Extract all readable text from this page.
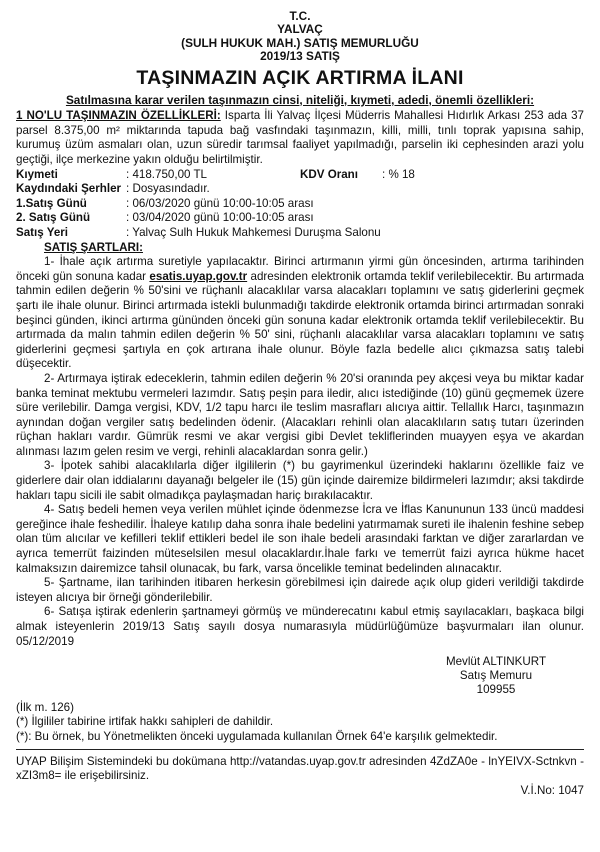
T.C.
YALVAÇ
(SULH HUKUK MAH.) SATIŞ MEMURLUĞU
2019/13 SATIŞ
TAŞINMAZIN AÇIK ARTIRMA İLANI
Satılmasına karar verilen taşınmazın cinsi, niteliği, kıymeti, adedi, önemli özellikleri:

1 NO'LU TAŞINMAZIN ÖZELLİKLERİ: Isparta İli Yalvaç İlçesi Müderris Mahallesi Hıdırlık Arkası 253 ada 37 parsel 8.375,00 m² miktarında tapuda bağ vasfındaki taşınmazın, killi, milli, tınlı toprak yapısına sahip, kurumuş üzüm asmaları olan, uzun süredir tarımsal faaliyet yapılmadığı, parselin iki cephesinden arazi yolu geçtiği, ilçe merkezine yakın olduğu belirtilmiştir.

Kıymeti	: 418.750,00 TL	KDV Oranı	: % 18
Kaydındaki Şerhler : Dosyasındadır.
1.Satış Günü	: 06/03/2020 günü 10:00-10:05 arası
2. Satış Günü	: 03/04/2020 günü 10:00-10:05 arası
Satış Yeri	: Yalvaç Sulh Hukuk Mahkemesi Duruşma Salonu
SATIŞ ŞARTLARI:

1- İhale açık artırma suretiyle yapılacaktır. Birinci artırmanın yirmi gün öncesinden, artırma tarihinden önceki gün sonuna kadar esatis.uyap.gov.tr adresinden elektronik ortamda teklif verilebilecektir. Bu artırmada tahmin edilen değerin % 50'sini ve rüçhanlı alacaklılar varsa alacakları toplamını ve satış giderlerini geçmek şartı ile ihale olunur. Birinci artırmada istekli bulunmadığı takdirde elektronik ortamda birinci artırmadan sonraki beşinci günden, ikinci artırma gününden önceki gün sonuna kadar elektronik ortamda teklif verilebilecektir. Bu artırmada da malın tahmin edilen değerin % 50' sini, rüçhanlı alacaklılar varsa alacakları toplamını ve satış giderlerini geçmesi şartıyla en çok artırana ihale olunur. Böyle fazla bedelle alıcı çıkmazsa satış talebi düşecektir.

2- Artırmaya iştirak edeceklerin, tahmin edilen değerin % 20'si oranında pey akçesi veya bu miktar kadar banka teminat mektubu vermeleri lazımdır. Satış peşin para iledir, alıcı istediğinde (10) günü geçmemek üzere süre verilebilir. Damga vergisi, KDV, 1/2 tapu harcı ile teslim masrafları alıcıya aittir. Tellallık Harcı, taşınmazın aynından doğan vergiler satış bedelinden ödenir. (Alacakları rehinli olan alacaklıların satış tutarı üzerinden rüçhan hakları vardır. Gümrük resmi ve akar vergisi gibi Devlet tekliflerinden muayyen eşya ve akardan alınması lazım gelen resim ve vergi, rehinli alacaklardan sonra gelir.)

3- İpotek sahibi alacaklılarla diğer ilgililerin (*) bu gayrimenkul üzerindeki haklarını özellikle faiz ve giderlere dair olan iddialarını dayanağı belgeler ile (15) gün içinde dairemize bildirmeleri lazımdır; aksi takdirde hakları tapu sicili ile sabit olmadıkça paylaşmadan hariç bırakılacaktır.

4- Satış bedeli hemen veya verilen mühlet içinde ödenmezse İcra ve İflas Kanununun 133 üncü maddesi gereğince ihale feshedilir. İhaleye katılıp daha sonra ihale bedelini yatırmamak sureti ile ihalenin feshine sebep olan tüm alıcılar ve kefilleri teklif ettikleri bedel ile son ihale bedeli arasındaki farktan ve diğer zararlardan ve ayrıca temerrüt faizinden müteselsilen mesul olacaklardır.İhale farkı ve temerrüt faizi ayrıca hükme hacet kalmaksızın dairemizce tahsil olunacak, bu fark, varsa öncelikle teminat bedelinden alınacaktır.

5- Şartname, ilan tarihinden itibaren herkesin görebilmesi için dairede açık olup gideri verildiği takdirde isteyen alıcıya bir örneği gönderilebilir.

6- Satışa iştirak edenlerin şartnameyi görmüş ve münderecatını kabul etmiş sayılacakları, başkaca bilgi almak isteyenlerin 2019/13 Satış sayılı dosya numarasıyla müdürlüğümüze başvurmaları ilan olunur. 05/12/2019

Mevlüt ALTINKURT
Satış Memuru
109955
(İlk m. 126)
(*) İlgililer tabirine irtifak hakkı sahipleri de dahildir.
(*): Bu örnek, bu Yönetmelikten önceki uygulamada kullanılan Örnek 64'e karşılık gelmektedir.

UYAP Bilişim Sistemindeki bu dokümana http://vatandas.uyap.gov.tr adresinden 4ZdZA0e - lnYEIVX-Sctnkvn - xZI3m8= ile erişebilirsiniz.

V.İ.No: 1047
